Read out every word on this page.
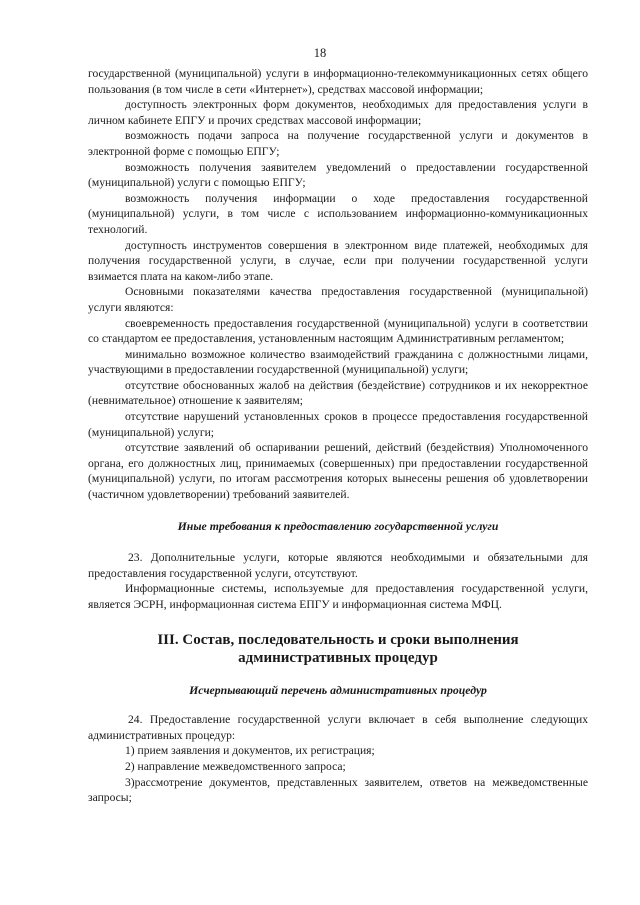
18

государственной (муниципальной) услуги в информационно-телекоммуникационных сетях общего пользования (в том числе в сети «Интернет»), средствах массовой информации;

доступность электронных форм документов, необходимых для предоставления услуги в личном кабинете ЕПГУ и прочих средствах массовой информации;

возможность подачи запроса на получение государственной услуги и документов в электронной форме с помощью ЕПГУ;

возможность получения заявителем уведомлений о предоставлении государственной (муниципальной) услуги с помощью ЕПГУ;

возможность получения информации о ходе предоставления государственной (муниципальной) услуги, в том числе с использованием информационно-коммуникационных технологий.

доступность инструментов совершения в электронном виде платежей, необходимых для получения государственной услуги, в случае, если при получении государственной услуги взимается плата на каком-либо этапе.

Основными показателями качества предоставления государственной (муниципальной) услуги являются:

своевременность предоставления государственной (муниципальной) услуги в соответствии со стандартом ее предоставления, установленным настоящим Административным регламентом;

минимально возможное количество взаимодействий гражданина с должностными лицами, участвующими в предоставлении государственной (муниципальной) услуги;

отсутствие обоснованных жалоб на действия (бездействие) сотрудников и их некорректное (невнимательное) отношение к заявителям;

отсутствие нарушений установленных сроков в процессе предоставления государственной (муниципальной) услуги;

отсутствие заявлений об оспаривании решений, действий (бездействия) Уполномоченного органа, его должностных лиц, принимаемых (совершенных) при предоставлении государственной (муниципальной) услуги, по итогам рассмотрения которых вынесены решения об удовлетворении (частичном удовлетворении) требований заявителей.

Иные требования к предоставлению государственной услуги

23. Дополнительные услуги, которые являются необходимыми и обязательными для предоставления государственной услуги, отсутствуют.

Информационные системы, используемые для предоставления государственной услуги, является ЭСРН, информационная система ЕПГУ и информационная система МФЦ.

III. Состав, последовательность и сроки выполнения

административных процедур

Исчерпывающий перечень административных процедур

24. Предоставление государственной услуги включает в себя выполнение следующих административных процедур:

1) прием заявления и документов, их регистрация;

2) направление межведомственного запроса;

3)рассмотрение документов, представленных заявителем, ответов на межведомственные запросы;
